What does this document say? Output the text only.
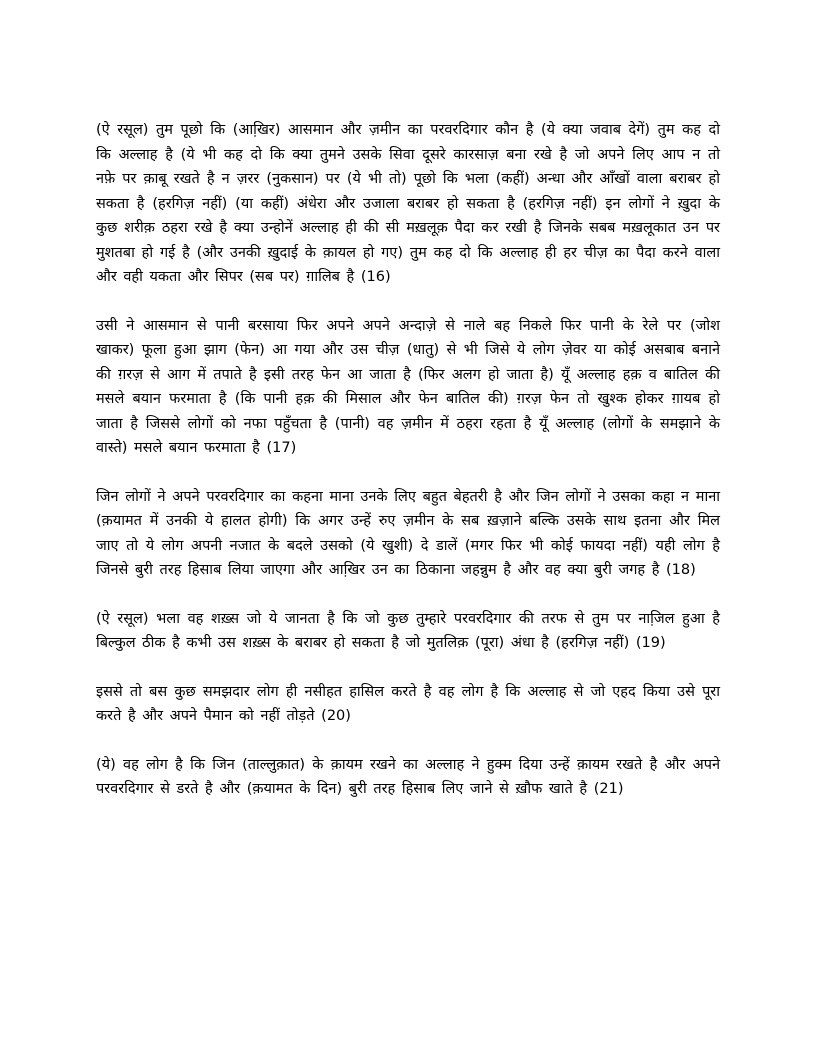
(ऐ रसूल) तुम पूछो कि (आखि़र) आसमान और ज़मीन का परवरदिगार कौन है (ये क्या जवाब देगें) तुम कह दो कि अल्लाह है (ये भी कह दो कि क्या तुमने उसके सिवा दूसरे कारसाज़ बना रखे है जो अपने लिए आप न तो नफे़ पर क़ाबू रखते है न ज़रर (नुकसान) पर (ये भी तो) पूछो कि भला (कहीं) अन्धा और आँखों वाला बराबर हो सकता है (हरगिज़ नहीं) (या कहीं) अंधेरा और उजाला बराबर हो सकता है (हरगिज़ नहीं) इन लोगों ने ख़ुदा के कुछ शरीक़ ठहरा रखे है क्या उन्होनें अल्लाह ही की सी मख़लूक़ पैदा कर रखी है जिनके सबब मख़लूकात उन पर मुशतबा हो गई है (और उनकी ख़ुदाई के क़ायल हो गए) तुम कह दो कि अल्लाह ही हर चीज़ का पैदा करने वाला और वही यकता और सिपर (सब पर) ग़ालिब है (16)

उसी ने आसमान से पानी बरसाया फिर अपने अपने अन्दाजे़ से नाले बह निकले फिर पानी के रेले पर (जोश खाकर) फूला हुआ झाग (फेन) आ गया और उस चीज़ (धातु) से भी जिसे ये लोग ज़ेवर या कोई असबाब बनाने की ग़रज़ से आग में तपाते है इसी तरह फेन आ जाता है (फिर अलग हो जाता है) यूँ अल्लाह हक़ व बातिल की मसले बयान फरमाता है (कि पानी हक़ की मिसाल और फेन बातिल की) ग़रज़ फेन तो खुश्क होकर ग़ायब हो जाता है जिससे लोगों को नफा पहुँचता है (पानी) वह ज़मीन में ठहरा रहता है यूँ अल्लाह (लोगों के समझाने के वास्ते) मसले बयान फरमाता है (17)

जिन लोगों ने अपने परवरदिगार का कहना माना उनके लिए बहुत बेहतरी है और जिन लोगों ने उसका कहा न माना (क़यामत में उनकी ये हालत होगी) कि अगर उन्हें रुए ज़मीन के सब ख़ज़ाने बल्कि उसके साथ इतना और मिल जाए तो ये लोग अपनी नजात के बदले उसको (ये खुशी) दे डालें (मगर फिर भी कोई फायदा नहीं) यही लोग है जिनसे बुरी तरह हिसाब लिया जाएगा और आखि़र उन का ठिकाना जहन्नुम है और वह क्या बुरी जगह है (18)

(ऐ रसूल) भला वह शख़्स जो ये जानता है कि जो कुछ तुम्हारे परवरदिगार की तरफ से तुम पर नाजि़ल हुआ है बिल्कुल ठीक है कभी उस शख़्स के बराबर हो सकता है जो मुतलिक़ (पूरा) अंधा है (हरगिज़ नहीं) (19)

इससे तो बस कुछ समझदार लोग ही नसीहत हासिल करते है वह लोग है कि अल्लाह से जो एहद किया उसे पूरा करते है और अपने पैमान को नहीं तोड़ते (20)

(ये) वह लोग है कि जिन (ताल्लुक़ात) के क़ायम रखने का अल्लाह ने हुक्म दिया उन्हें क़ायम रखते है और अपने परवरदिगार से डरते है और (क़यामत के दिन) बुरी तरह हिसाब लिए जाने से ख़ौफ खाते है (21)
